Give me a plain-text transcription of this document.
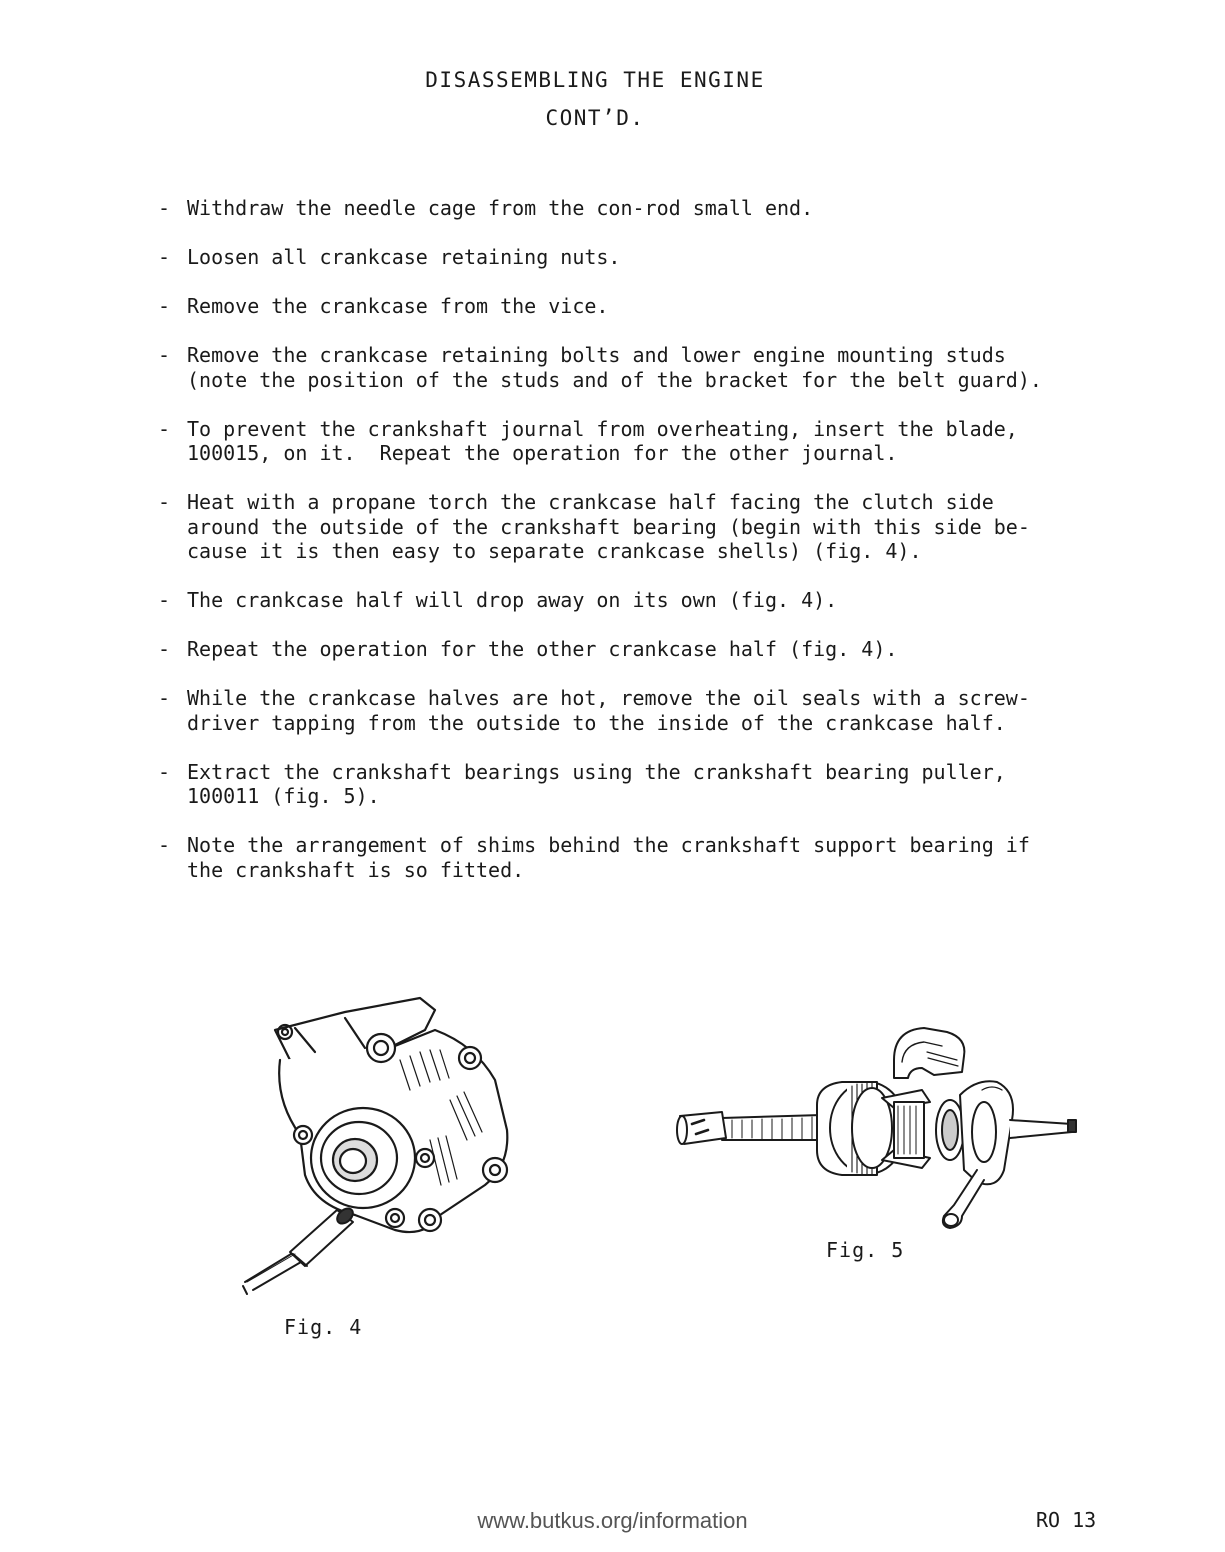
DISASSEMBLING THE ENGINE
CONT’D.
- Withdraw the needle cage from the con-rod small end.
- Loosen all crankcase retaining nuts.
- Remove the crankcase from the vice.
- Remove the crankcase retaining bolts and lower engine mounting studs
(note the position of the studs and of the bracket for the belt guard).
- To prevent the crankshaft journal from overheating, insert the blade,
100015, on it.  Repeat the operation for the other journal.
- Heat with a propane torch the crankcase half facing the clutch side
around the outside of the crankshaft bearing (begin with this side be-
cause it is then easy to separate crankcase shells) (fig. 4).
- The crankcase half will drop away on its own (fig. 4).
- Repeat the operation for the other crankcase half (fig. 4).
- While the crankcase halves are hot, remove the oil seals with a screw-
driver tapping from the outside to the inside of the crankcase half.
- Extract the crankshaft bearings using the crankshaft bearing puller,
100011 (fig. 5).
- Note the arrangement of shims behind the crankshaft support bearing if
the crankshaft is so fitted.
Fig. 4
Fig. 5
www.butkus.org/information	RO 13
